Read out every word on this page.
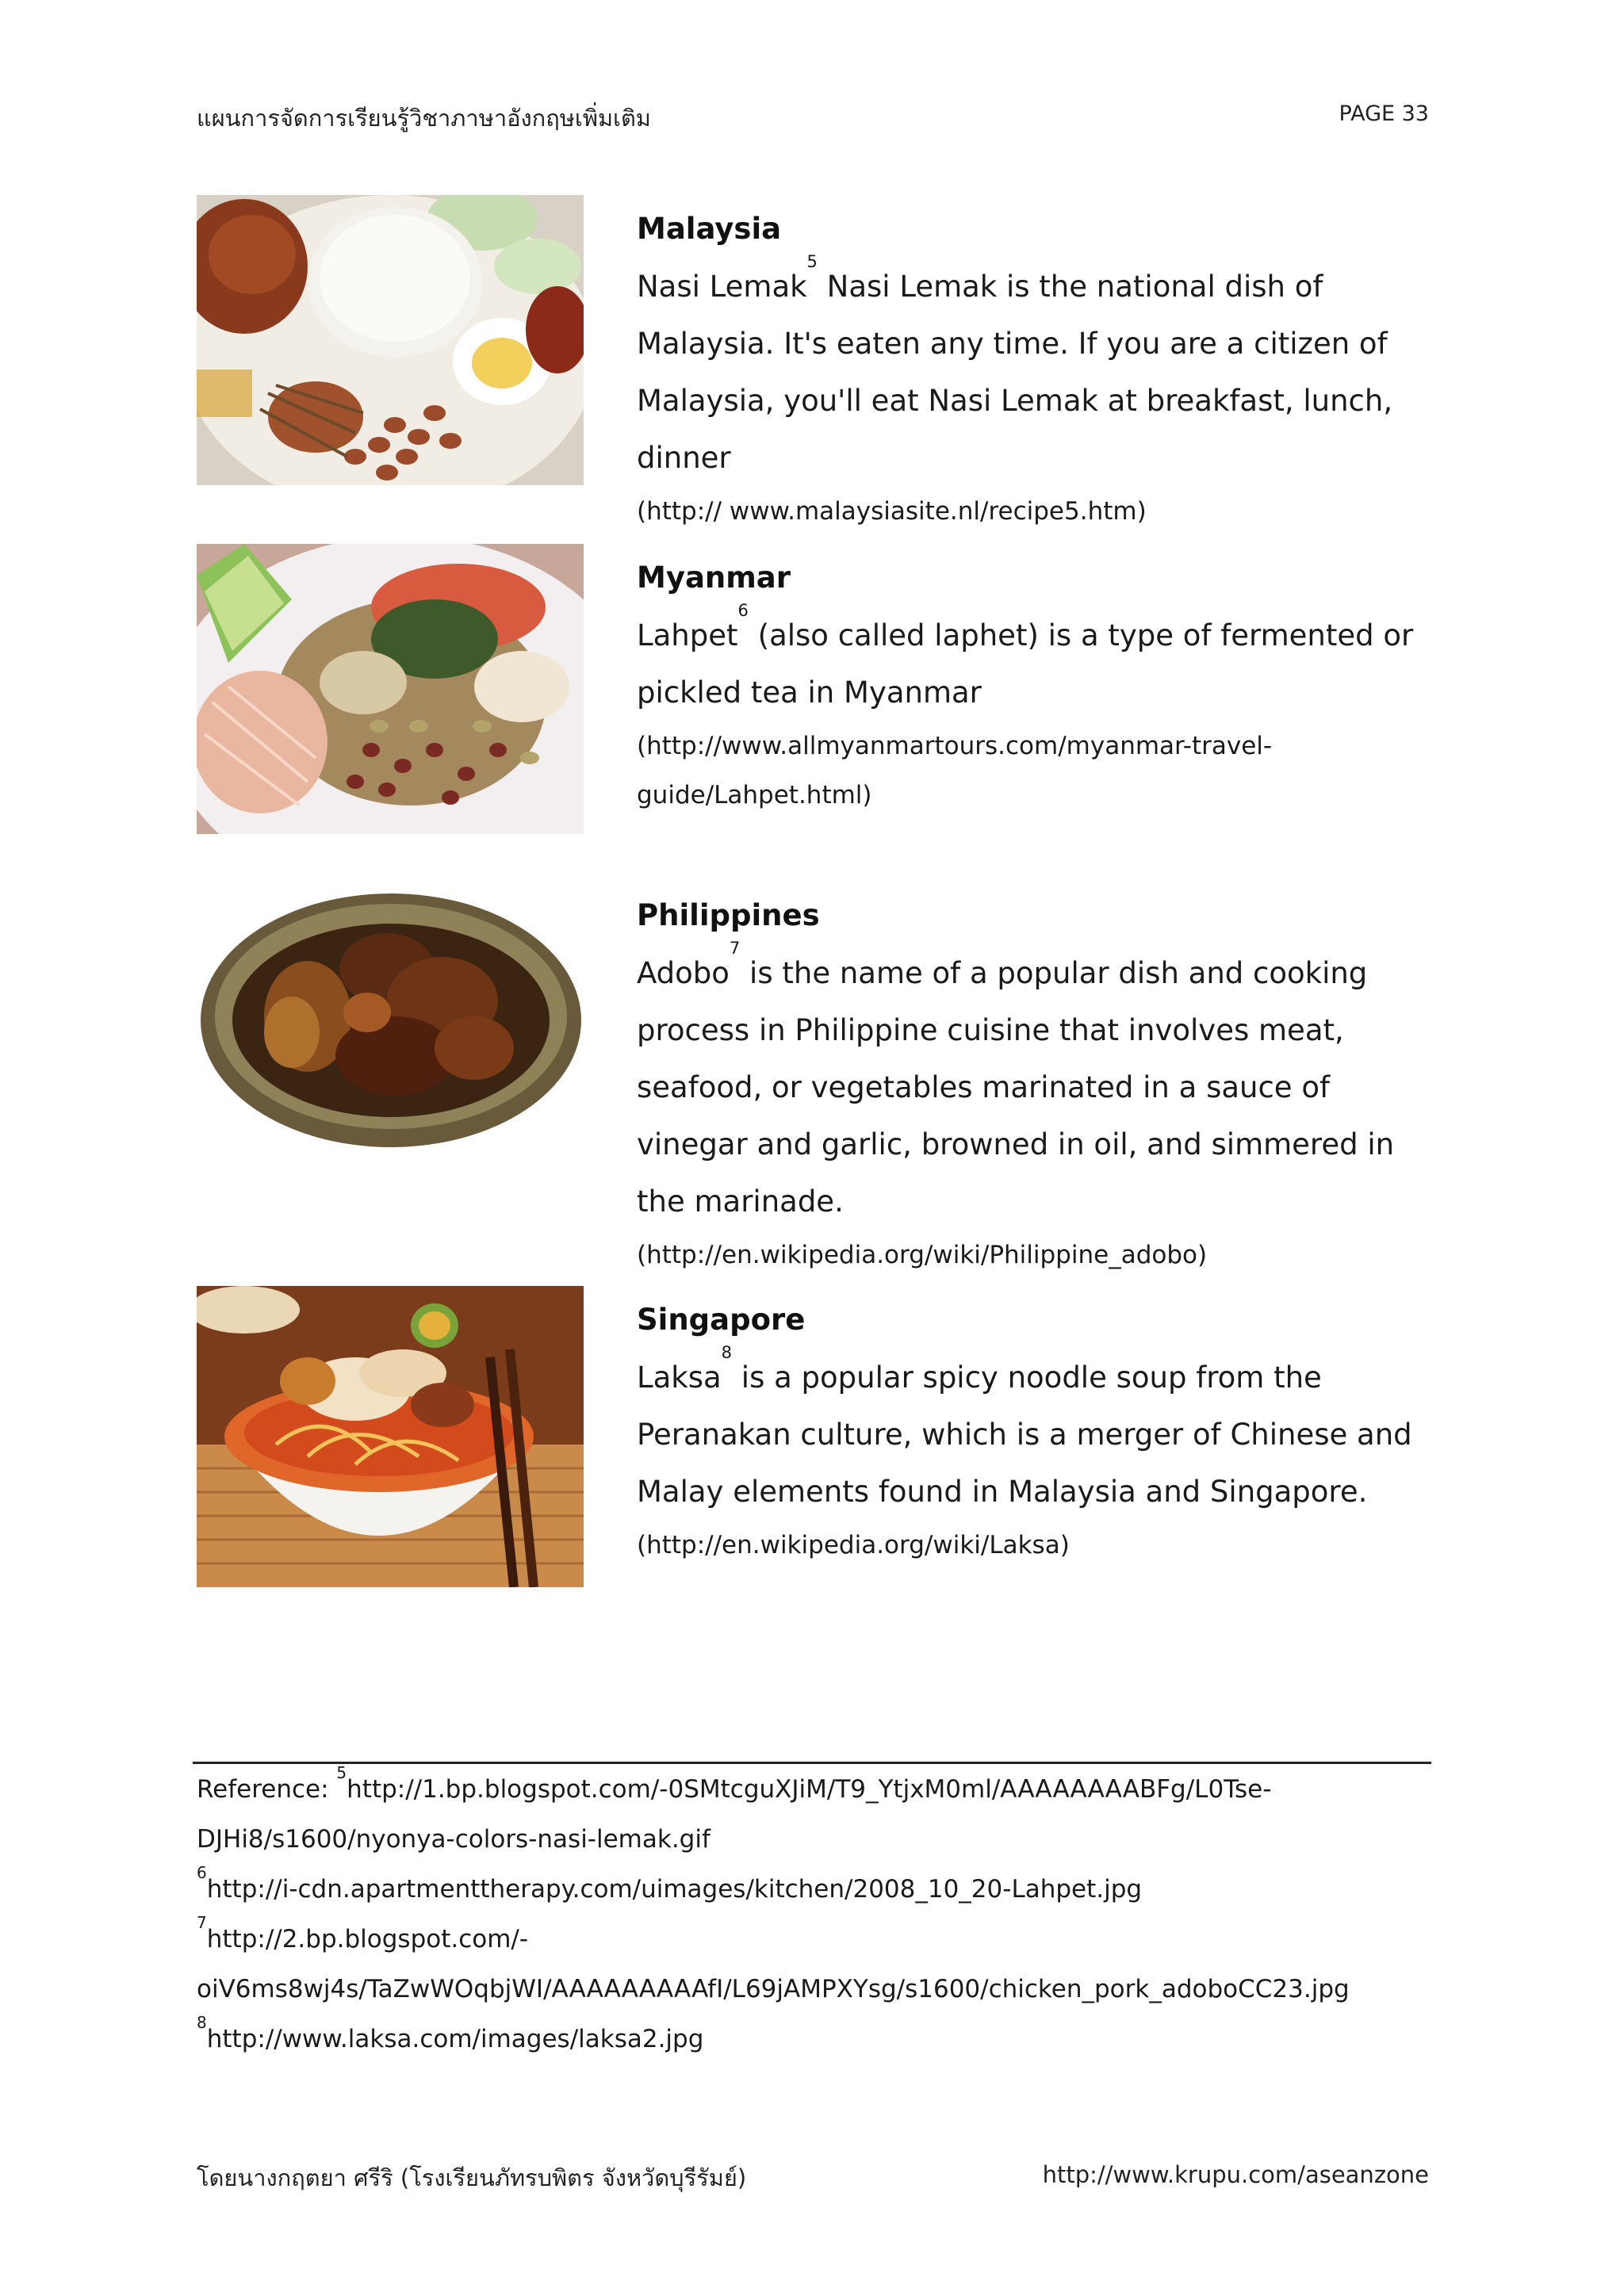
แผนการจัดการเรียนรู้วิชาภาษาอังกฤษเพิ่มเติม	PAGE 33

Malaysia

Nasi Lemak$^5$ Nasi Lemak is the national dish of Malaysia. It's eaten any time. If you are a citizen of Malaysia, you'll eat Nasi Lemak at breakfast, lunch, dinner

(http:// www.malaysiasite.nl/recipe5.htm)

Myanmar

Lahpet$^6$ (also called laphet) is a type of fermented or pickled tea in Myanmar

(http://www.allmyanmartours.com/myanmar-travel-guide/Lahpet.html)

Philippines

Adobo$^7$ is the name of a popular dish and cooking process in Philippine cuisine that involves meat, seafood, or vegetables marinated in a sauce of vinegar and garlic, browned in oil, and simmered in the marinade.

(http://en.wikipedia.org/wiki/Philippine_adobo)

Singapore

Laksa$^8$ is a popular spicy noodle soup from the Peranakan culture, which is a merger of Chinese and Malay elements found in Malaysia and Singapore.

(http://en.wikipedia.org/wiki/Laksa)

Reference: $^5$http://1.bp.blogspot.com/-0SMtcguXJiM/T9_YtjxM0ml/AAAAAAAABFg/L0Tse-DJHi8/s1600/nyonya-colors-nasi-lemak.gif

$^6$http://i-cdn.apartmenttherapy.com/uimages/kitchen/2008_10_20-Lahpet.jpg

$^7$http://2.bp.blogspot.com/-oiV6ms8wj4s/TaZwWOqbjWI/AAAAAAAAAfI/L69jAMPXYsg/s1600/chicken_pork_adoboCC23.jpg

$^8$http://www.laksa.com/images/laksa2.jpg

โดยนางกฤตยา ศรีริ (โรงเรียนภัทรบพิตร จังหวัดบุรีรัมย์)	http://www.krupu.com/aseanzone
